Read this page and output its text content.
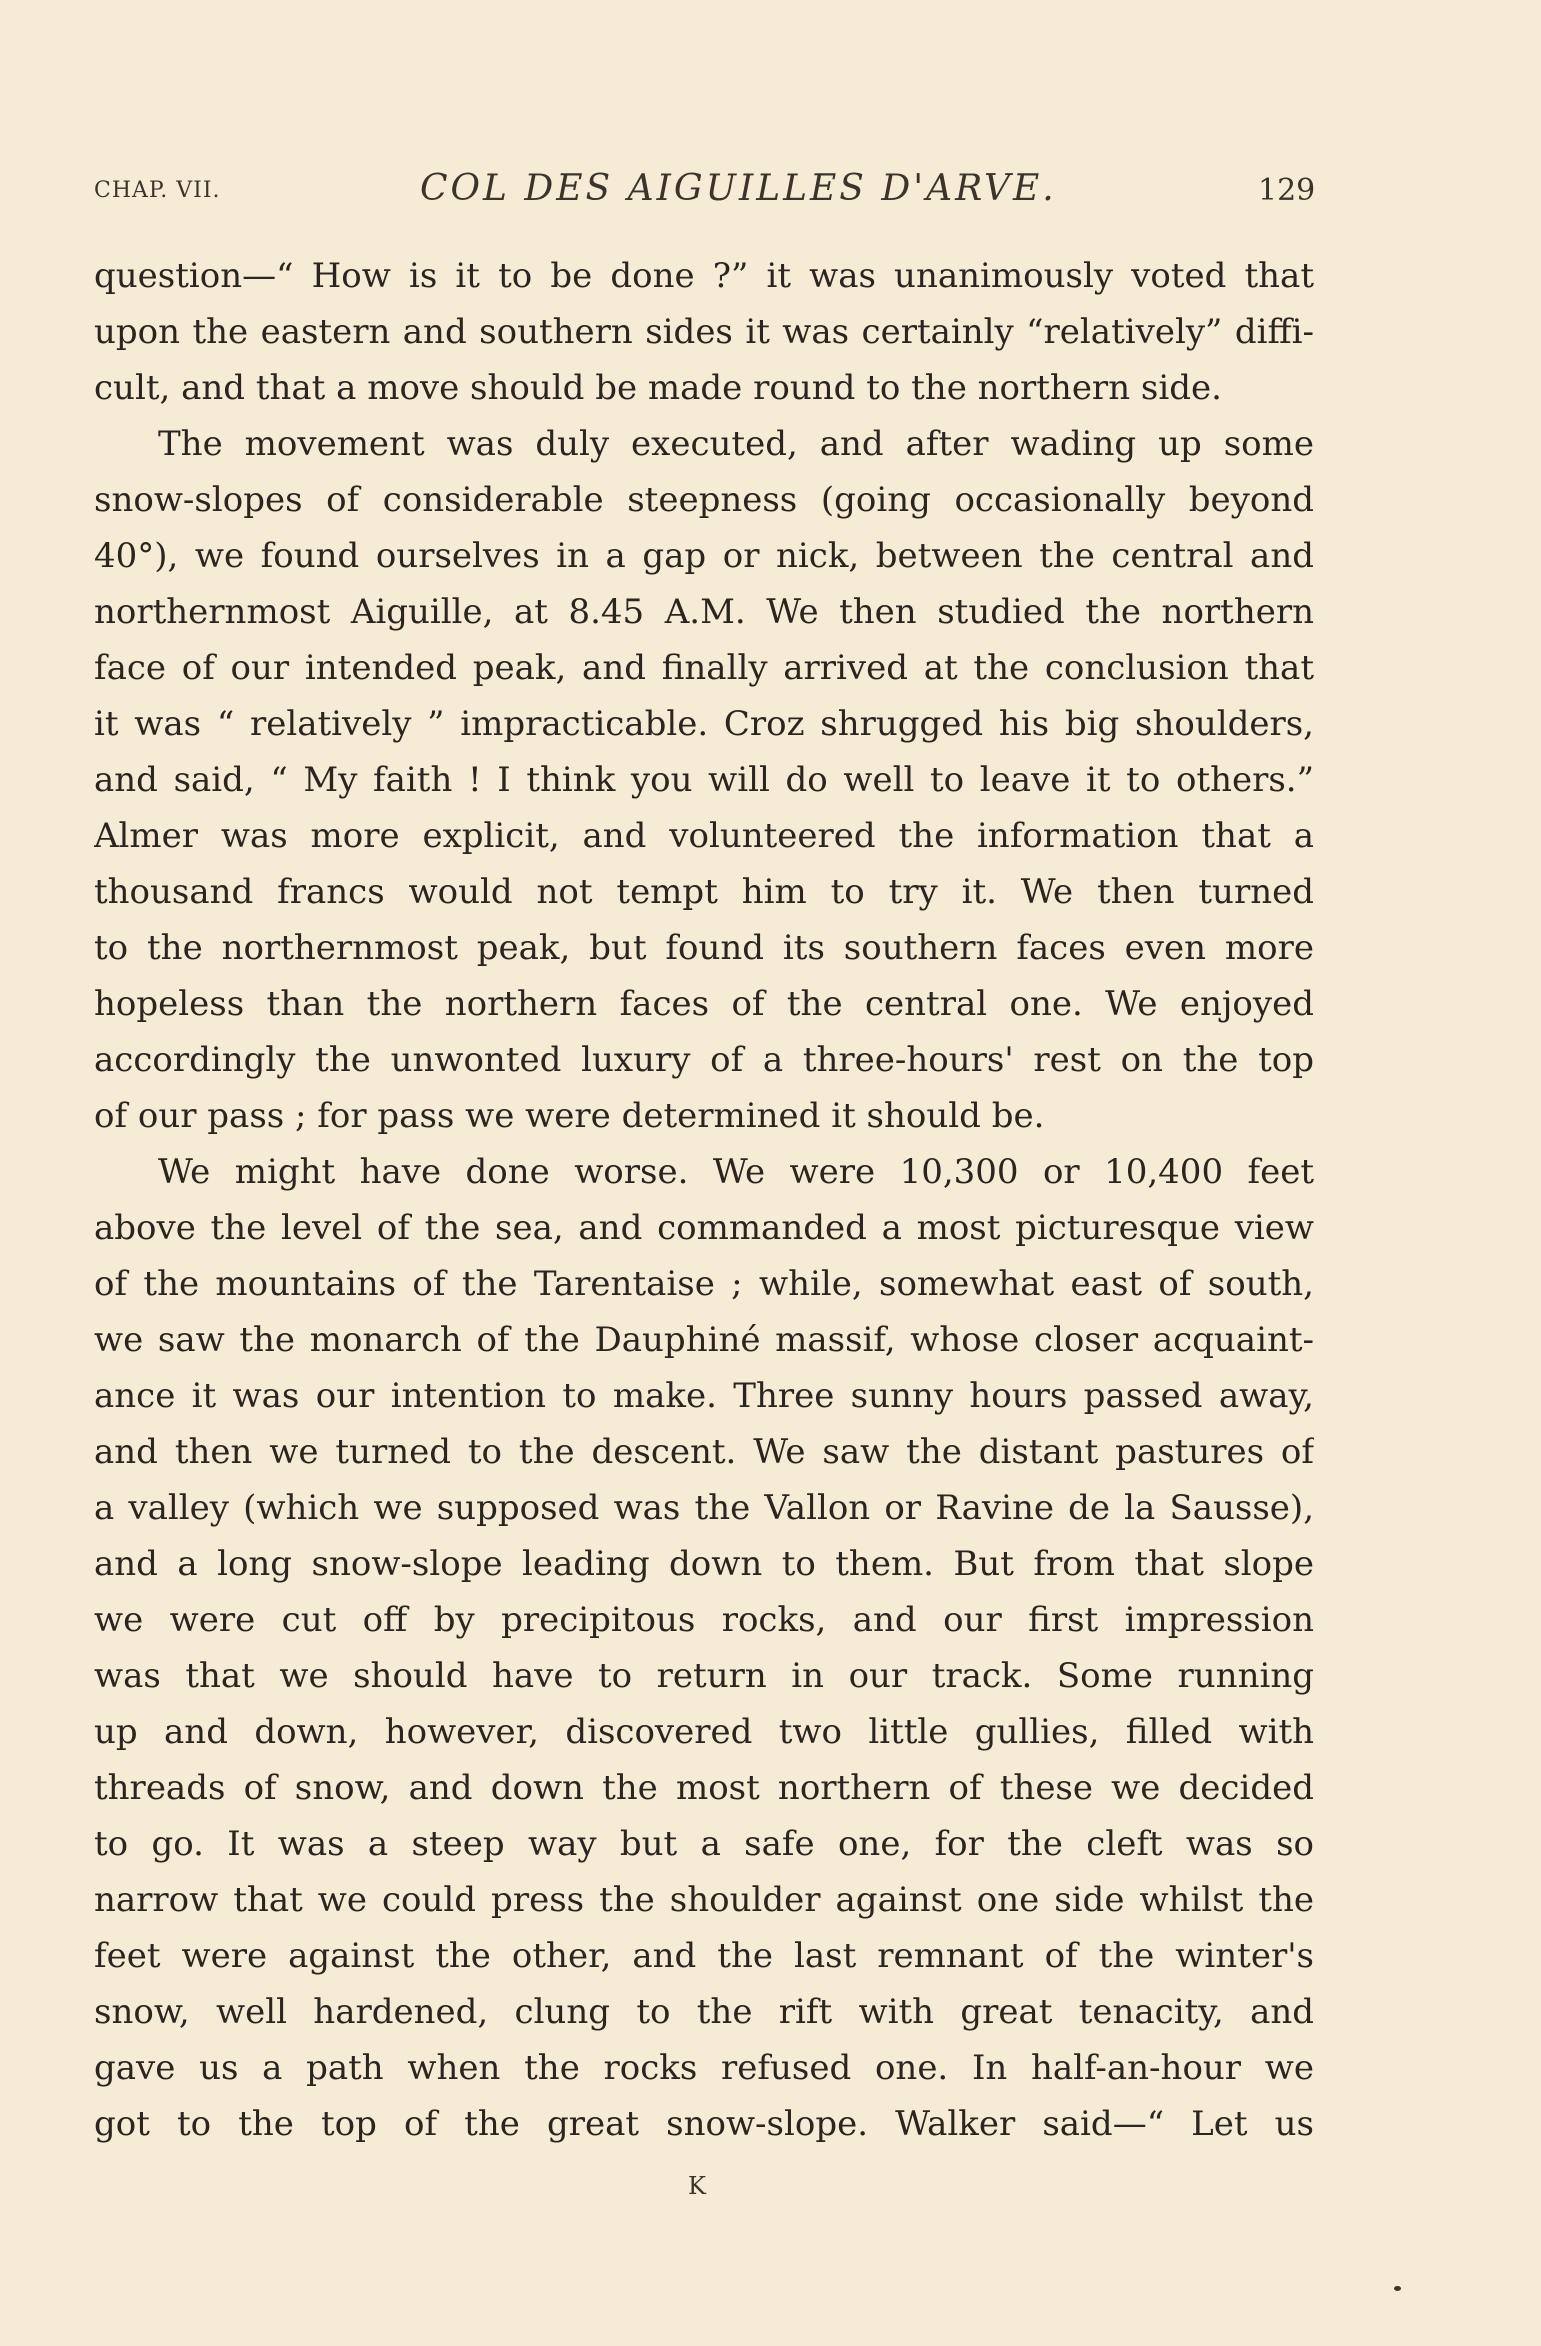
CHAP. VII.	COL DES AIGUILLES D'ARVE.	129
question—“ How is it to be done ?” it was unanimously voted that
upon the eastern and southern sides it was certainly “relatively” diffi-
cult, and that a move should be made round to the northern side.
The movement was duly executed, and after wading up some
snow-slopes of considerable steepness (going occasionally beyond
40°), we found ourselves in a gap or nick, between the central and
northernmost Aiguille, at 8.45 A.M. We then studied the northern
face of our intended peak, and finally arrived at the conclusion that
it was “ relatively ” impracticable. Croz shrugged his big shoulders,
and said, “ My faith ! I think you will do well to leave it to others.”
Almer was more explicit, and volunteered the information that a
thousand francs would not tempt him to try it. We then turned
to the northernmost peak, but found its southern faces even more
hopeless than the northern faces of the central one. We enjoyed
accordingly the unwonted luxury of a three-hours' rest on the top
of our pass ; for pass we were determined it should be.
We might have done worse. We were 10,300 or 10,400 feet
above the level of the sea, and commanded a most picturesque view
of the mountains of the Tarentaise ; while, somewhat east of south,
we saw the monarch of the Dauphiné massif, whose closer acquaint-
ance it was our intention to make. Three sunny hours passed away,
and then we turned to the descent. We saw the distant pastures of
a valley (which we supposed was the Vallon or Ravine de la Sausse),
and a long snow-slope leading down to them. But from that slope
we were cut off by precipitous rocks, and our first impression
was that we should have to return in our track. Some running
up and down, however, discovered two little gullies, filled with
threads of snow, and down the most northern of these we decided
to go. It was a steep way but a safe one, for the cleft was so
narrow that we could press the shoulder against one side whilst the
feet were against the other, and the last remnant of the winter's
snow, well hardened, clung to the rift with great tenacity, and
gave us a path when the rocks refused one. In half-an-hour we
got to the top of the great snow-slope. Walker said—“ Let us
K
